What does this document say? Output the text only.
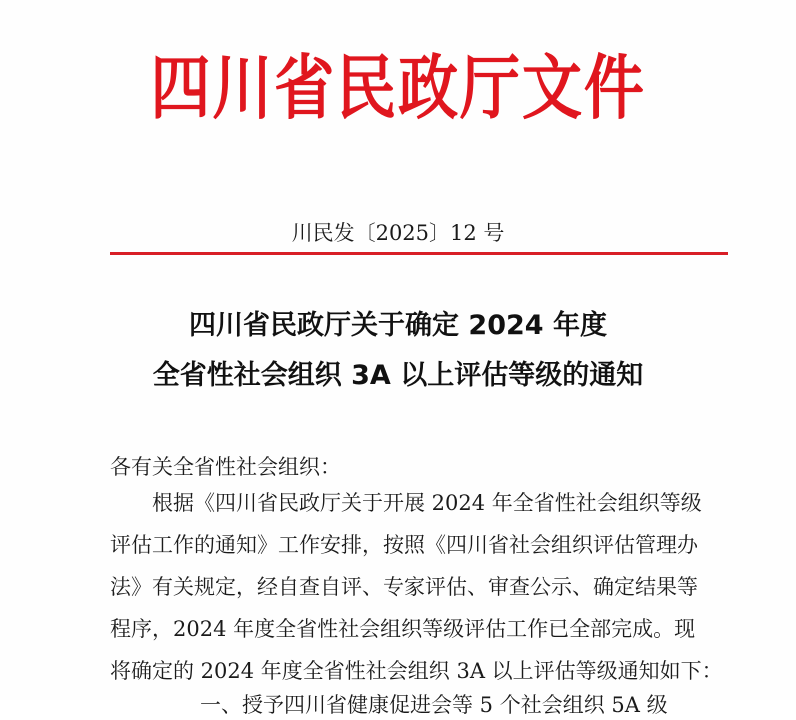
四川省民政厅文件
川民发〔2025〕12 号
四川省民政厅关于确定 2024 年度
全省性社会组织 3A 以上评估等级的通知
各有关全省性社会组织：
根据《四川省民政厅关于开展 2024 年全省性社会组织等级
评估工作的通知》工作安排，按照《四川省社会组织评估管理办
法》有关规定，经自查自评、专家评估、审查公示、确定结果等
程序，2024 年度全省性社会组织等级评估工作已全部完成。现
将确定的 2024 年度全省性社会组织 3A 以上评估等级通知如下：
一、授予四川省健康促进会等 5 个社会组织 5A 级
